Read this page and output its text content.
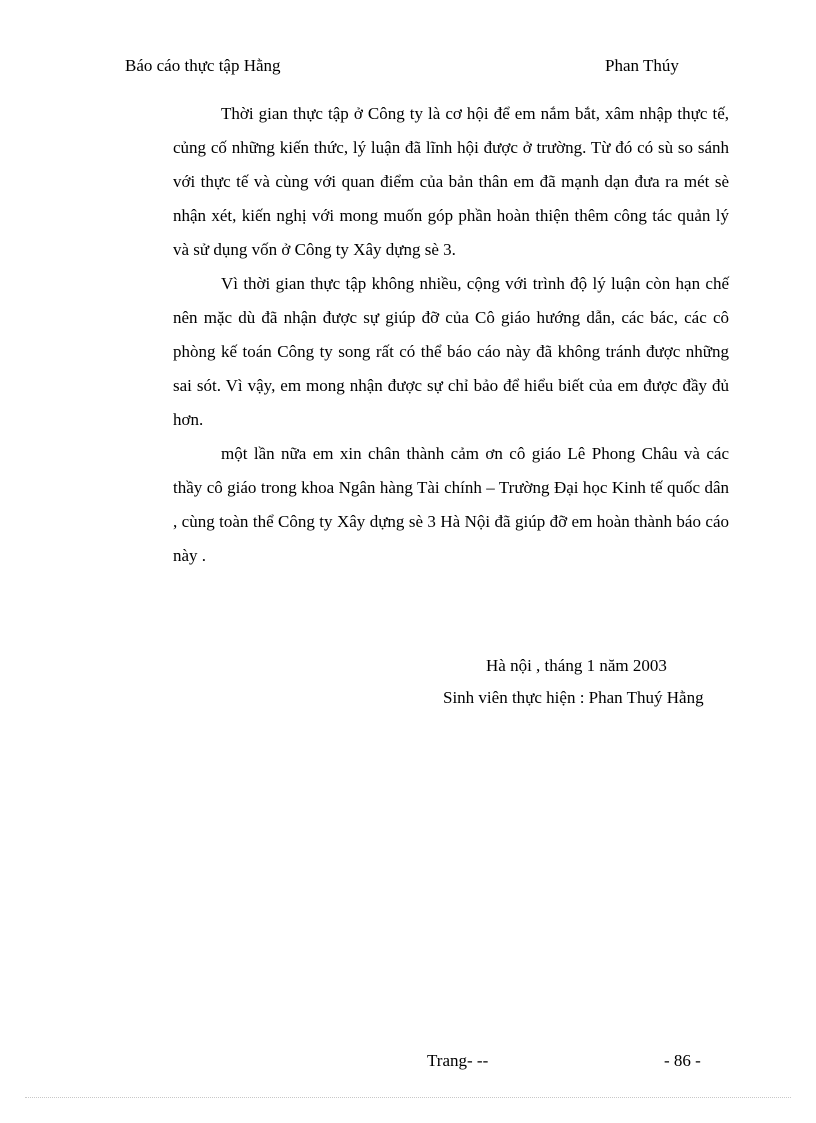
Báo cáo thực tập Hằng	Phan Thúy

Thời gian thực tập ở Công ty là cơ hội để em nắm bắt, xâm nhập thực tế, củng cố những kiến thức, lý luận đã lĩnh hội được ở trường. Từ đó có sù so sánh với thực tế và cùng với quan điểm của bản thân em đã mạnh dạn đưa ra mét sè nhận xét, kiến nghị với mong muốn góp phần hoàn thiện thêm công tác quản lý và sử dụng vốn ở Công ty Xây dựng sè 3.

Vì thời gian thực tập không nhiều, cộng với trình độ lý luận còn hạn chế nên mặc dù đã nhận được sự giúp đỡ của Cô giáo hướng dẫn, các bác, các cô phòng kế toán Công ty song rất có thể báo cáo này đã không tránh được những sai sót. Vì vậy, em mong nhận được sự chỉ bảo để hiểu biết của em được đầy đủ hơn.

một lần nữa em xin chân thành cảm ơn cô giáo Lê Phong Châu và các thầy cô giáo trong khoa Ngân hàng Tài chính – Trường Đại học Kinh tế quốc dân , cùng toàn thể Công ty Xây dựng sè 3 Hà Nội đã giúp đỡ em hoàn thành báo cáo này .

Hà nội , tháng 1 năm 2003
Sinh viên thực hiện : Phan Thuý Hằng
Trang- --	- 86 -
